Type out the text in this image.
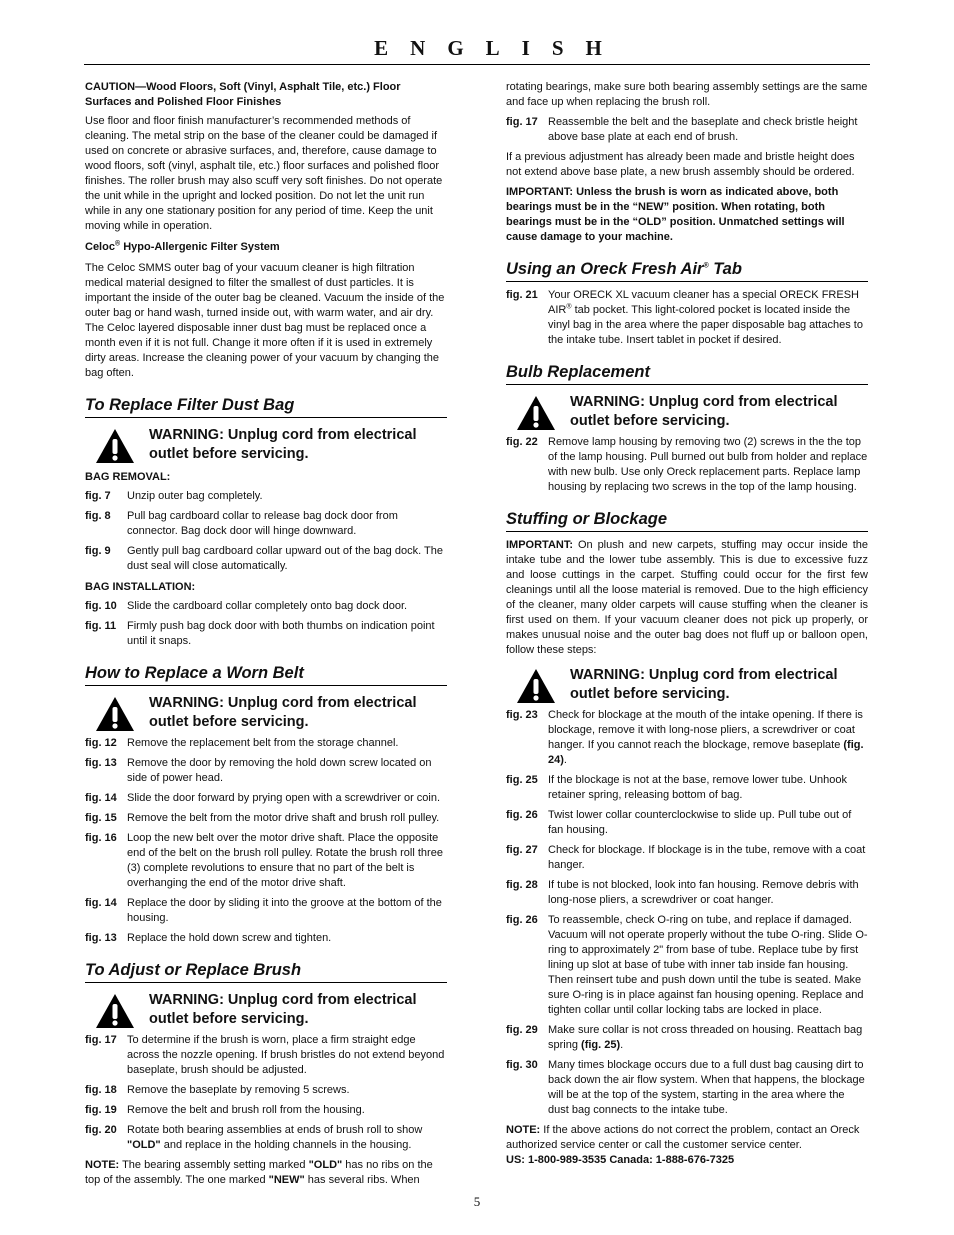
ENGLISH

CAUTION—Wood Floors, Soft (Vinyl, Asphalt Tile, etc.) Floor Surfaces and Polished Floor Finishes

Use floor and floor finish manufacturer’s recommended methods of cleaning. The metal strip on the base of the cleaner could be damaged if used on concrete or abrasive surfaces, and, therefore, cause damage to wood floors, soft (vinyl, asphalt tile, etc.) floor surfaces and polished floor finishes. The roller brush may also scuff very soft finishes. Do not operate the unit while in the upright and locked position. Do not let the unit run while in any one stationary position for any period of time. Keep the unit moving while in operation.

Celoc® Hypo-Allergenic Filter System

The Celoc SMMS outer bag of your vacuum cleaner is high filtration medical material designed to filter the smallest of dust particles. It is important the inside of the outer bag be cleaned. Vacuum the inside of the outer bag or hand wash, turned inside out, with warm water, and air dry. The Celoc layered disposable inner dust bag must be replaced once a month even if it is not full. Change it more often if it is used in extremely dirty areas. Increase the cleaning power of your vacuum by changing the bag often.

To Replace Filter Dust Bag
WARNING: Unplug cord from electrical outlet before servicing.

BAG REMOVAL:

fig. 7	Unzip outer bag completely.
fig. 8	Pull bag cardboard collar to release bag dock door from connector. Bag dock door will hinge downward.
fig. 9	Gently pull bag cardboard collar upward out of the bag dock. The dust seal will close automatically.

BAG INSTALLATION:

fig. 10 Slide the cardboard collar completely onto bag dock door.
fig. 11 Firmly push bag dock door with both thumbs on indication point until it snaps.
How to Replace a Worn Belt
WARNING: Unplug cord from electrical outlet before servicing.
fig. 12 Remove the replacement belt from the storage channel.
fig. 13 Remove the door by removing the hold down screw located on side of power head.
fig. 14 Slide the door forward by prying open with a screwdriver or coin.
fig. 15 Remove the belt from the motor drive shaft and brush roll pulley.
fig. 16 Loop the new belt over the motor drive shaft. Place the opposite end of the belt on the brush roll pulley. Rotate the brush roll three (3) complete revolutions to ensure that no part of the belt is overhanging the end of the motor drive shaft.
fig. 14 Replace the door by sliding it into the groove at the bottom of the housing.
fig. 13 Replace the hold down screw and tighten.
To Adjust or Replace Brush
WARNING: Unplug cord from electrical outlet before servicing.
fig. 17 To determine if the brush is worn, place a firm straight edge across the nozzle opening. If brush bristles do not extend beyond baseplate, brush should be adjusted.
fig. 18 Remove the baseplate by removing 5 screws.
fig. 19 Remove the belt and brush roll from the housing.
fig. 20 Rotate both bearing assemblies at ends of brush roll to show "OLD" and replace in the holding channels in the housing.

NOTE: The bearing assembly setting marked "OLD" has no ribs on the top of the assembly. The one marked "NEW" has several ribs. When

rotating bearings, make sure both bearing assembly settings are the same and face up when replacing the brush roll.

fig. 17 Reassemble the belt and the baseplate and check bristle height above base plate at each end of brush.

If a previous adjustment has already been made and bristle height does not extend above base plate, a new brush assembly should be ordered.

IMPORTANT: Unless the brush is worn as indicated above, both bearings must be in the “NEW” position. When rotating, both bearings must be in the “OLD” position. Unmatched settings will cause damage to your machine.

Using an Oreck Fresh Air® Tab
fig. 21 Your ORECK XL vacuum cleaner has a special ORECK FRESH AIR® tab pocket. This light-colored pocket is located inside the vinyl bag in the area where the paper disposable bag attaches to the intake tube. Insert tablet in pocket if desired.
Bulb Replacement
WARNING: Unplug cord from electrical outlet before servicing.
fig. 22 Remove lamp housing by removing two (2) screws in the the top of the lamp housing. Pull burned out bulb from holder and replace with new bulb. Use only Oreck replacement parts. Replace lamp housing by replacing two screws in the top of the lamp housing.
Stuffing or Blockage

IMPORTANT: On plush and new carpets, stuffing may occur inside the intake tube and the lower tube assembly. This is due to excessive fuzz and loose cuttings in the carpet. Stuffing could occur for the first few cleanings until all the loose material is removed. Due to the high efficiency of the cleaner, many older carpets will cause stuffing when the cleaner is first used on them. If your vacuum cleaner does not pick up properly, or makes unusual noise and the outer bag does not fluff up or balloon open, follow these steps:

WARNING: Unplug cord from electrical outlet before servicing.
fig. 23 Check for blockage at the mouth of the intake opening. If there is blockage, remove it with long-nose pliers, a screwdriver or coat hanger. If you cannot reach the blockage, remove baseplate (fig. 24).
fig. 25 If the blockage is not at the base, remove lower tube. Unhook retainer spring, releasing bottom of bag.
fig. 26 Twist lower collar counterclockwise to slide up. Pull tube out of fan housing.
fig. 27 Check for blockage. If blockage is in the tube, remove with a coat hanger.
fig. 28 If tube is not blocked, look into fan housing. Remove debris with long-nose pliers, a screwdriver or coat hanger.
fig. 26 To reassemble, check O-ring on tube, and replace if damaged. Vacuum will not operate properly without the tube O-ring. Slide O-ring to approximately 2" from base of tube. Replace tube by first lining up slot at base of tube with inner tab inside fan housing. Then reinsert tube and push down until the tube is seated. Make sure O-ring is in place against fan housing opening. Replace and tighten collar until collar locking tabs are locked in place.
fig. 29 Make sure collar is not cross threaded on housing. Reattach bag spring (fig. 25).
fig. 30 Many times blockage occurs due to a full dust bag causing dirt to back down the air flow system. When that happens, the blockage will be at the top of the system, starting in the area where the dust bag connects to the intake tube.

NOTE: If the above actions do not correct the problem, contact an Oreck authorized service center or call the customer service center.

US: 1-800-989-3535 Canada: 1-888-676-7325

5
